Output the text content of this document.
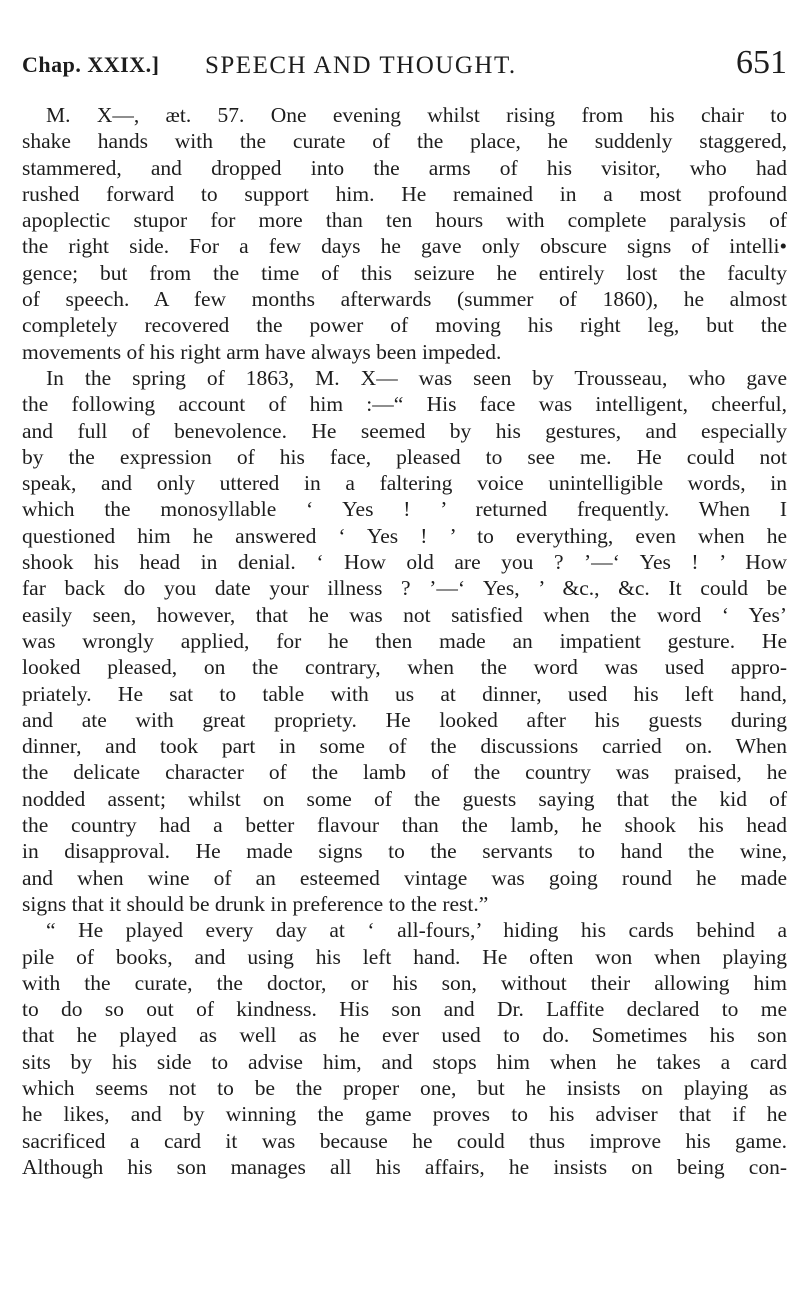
Chap. XXIX.] SPEECH AND THOUGHT.	651
M. X—, æt. 57. One evening whilst rising from his chair to
shake hands with the curate of the place, he suddenly staggered,
stammered, and dropped into the arms of his visitor, who had
rushed forward to support him. He remained in a most profound
apoplectic stupor for more than ten hours with complete paralysis of
the right side. For a few days he gave only obscure signs of intelli•
gence; but from the time of this seizure he entirely lost the faculty
of speech. A few months afterwards (summer of 1860), he almost
completely recovered the power of moving his right leg, but the
movements of his right arm have always been impeded.
In the spring of 1863, M. X— was seen by Trousseau, who gave
the following account of him :—“ His face was intelligent, cheerful,
and full of benevolence. He seemed by his gestures, and especially
by the expression of his face, pleased to see me. He could not
speak, and only uttered in a faltering voice unintelligible words, in
which the monosyllable ‘ Yes ! ’ returned frequently. When I
questioned him he answered ‘ Yes ! ’ to everything, even when he
shook his head in denial. ‘ How old are you ? ’—‘ Yes ! ’ How
far back do you date your illness ? ’—‘ Yes, ’ &c., &c. It could be
easily seen, however, that he was not satisfied when the word ‘ Yes’
was wrongly applied, for he then made an impatient gesture. He
looked pleased, on the contrary, when the word was used appro-
priately. He sat to table with us at dinner, used his left hand,
and ate with great propriety. He looked after his guests during
dinner, and took part in some of the discussions carried on. When
the delicate character of the lamb of the country was praised, he
nodded assent; whilst on some of the guests saying that the kid of
the country had a better flavour than the lamb, he shook his head
in disapproval. He made signs to the servants to hand the wine,
and when wine of an esteemed vintage was going round he made
signs that it should be drunk in preference to the rest.”
“ He played every day at ‘ all-fours,’ hiding his cards behind a
pile of books, and using his left hand. He often won when playing
with the curate, the doctor, or his son, without their allowing him
to do so out of kindness. His son and Dr. Laffite declared to me
that he played as well as he ever used to do. Sometimes his son
sits by his side to advise him, and stops him when he takes a card
which seems not to be the proper one, but he insists on playing as
he likes, and by winning the game proves to his adviser that if he
sacrificed a card it was because he could thus improve his game.
Although his son manages all his affairs, he insists on being con-
